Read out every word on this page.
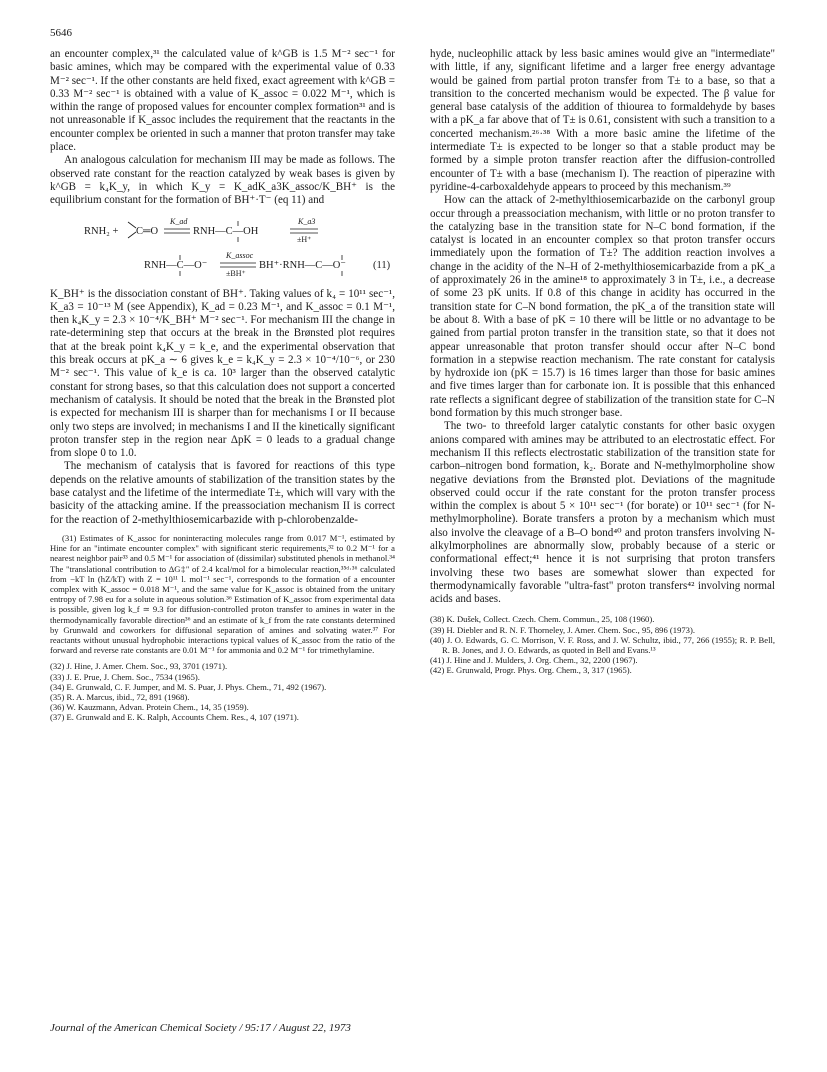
5646

an encounter complex,³¹ the calculated value of k^GB is 1.5 M⁻² sec⁻¹ for basic amines, which may be compared with the experimental value of 0.33 M⁻² sec⁻¹. If the other constants are held fixed, exact agreement with k^GB = 0.33 M⁻² sec⁻¹ is obtained with a value of K_assoc = 0.022 M⁻¹, which is within the range of proposed values for encounter complex formation³¹ and is not unreasonable if K_assoc includes the requirement that the reactants in the encounter complex be oriented in such a manner that proton transfer may take place.

An analogous calculation for mechanism III may be made as follows. The observed rate constant for the reaction catalyzed by weak bases is given by k^GB = k₄K_y, in which K_y = K_adK_a3K_assoc/K_BH⁺ is the equilibrium constant for the formation of BH⁺·T⁻ (eq 11) and

RNH₂ + C═O
K_ad
RNH—C—OH
K_a3
±H⁺
RNH—C—O⁻
K_assoc
±BH⁺
BH⁺·RNH—C—O⁻	(11)

K_BH⁺ is the dissociation constant of BH⁺. Taking values of k₄ = 10¹¹ sec⁻¹, K_a3 = 10⁻¹³ M (see Appendix), K_ad = 0.23 M⁻¹, and K_assoc = 0.1 M⁻¹, then k₄K_y = 2.3 × 10⁻⁴/K_BH⁺ M⁻² sec⁻¹. For mechanism III the change in rate-determining step that occurs at the break in the Brønsted plot requires that at the break point k₄K_y = k_e, and the experimental observation that this break occurs at pK_a ∼ 6 gives k_e = k₄K_y = 2.3 × 10⁻⁴/10⁻⁶, or 230 M⁻² sec⁻¹. This value of k_e is ca. 10³ larger than the observed catalytic constant for strong bases, so that this calculation does not support a concerted mechanism of catalysis. It should be noted that the break in the Brønsted plot is expected for mechanism III is sharper than for mechanisms I or II because only two steps are involved; in mechanisms I and II the kinetically significant proton transfer step in the region near ΔpK = 0 leads to a gradual change from slope 0 to 1.0.

The mechanism of catalysis that is favored for reactions of this type depends on the relative amounts of stabilization of the transition states by the base catalyst and the lifetime of the intermediate T±, which will vary with the basicity of the attacking amine. If the preassociation mechanism II is correct for the reaction of 2-methylthiosemicarbazide with p-chlorobenzalde-

(31) Estimates of K_assoc for noninteracting molecules range from 0.017 M⁻¹, estimated by Hine for an "intimate encounter complex" with significant steric requirements,³² to 0.2 M⁻¹ for a nearest neighbor pair³³ and 0.5 M⁻¹ for association of (dissimilar) substituted phenols in methanol.³⁴ The "translational contribution to ΔG‡" of 2.4 kcal/mol for a bimolecular reaction,³⁵ᵈ·³⁶ calculated from −kT ln (hZ/kT) with Z = 10¹¹ l. mol⁻¹ sec⁻¹, corresponds to the formation of a encounter complex with K_assoc = 0.018 M⁻¹, and the same value for K_assoc is obtained from the unitary entropy of 7.98 eu for a solute in aqueous solution.³⁶ Estimation of K_assoc from experimental data is possible, given log k_f ≃ 9.3 for diffusion-controlled proton transfer to amines in water in the thermodynamically favorable direction³⁶ and an estimate of k_f from the rate constants determined by Grunwald and coworkers for diffusional separation of amines and solvating water.³⁷ For reactants without unusual hydrophobic interactions typical values of K_assoc from the ratio of the forward and reverse rate constants are 0.01 M⁻¹ for ammonia and 0.2 M⁻¹ for trimethylamine.

(32) J. Hine, J. Amer. Chem. Soc., 93, 3701 (1971).
(33) J. E. Prue, J. Chem. Soc., 7534 (1965).
(34) E. Grunwald, C. F. Jumper, and M. S. Puar, J. Phys. Chem., 71, 492 (1967).
(35) R. A. Marcus, ibid., 72, 891 (1968).
(36) W. Kauzmann, Advan. Protein Chem., 14, 35 (1959).
(37) E. Grunwald and E. K. Ralph, Accounts Chem. Res., 4, 107 (1971).

hyde, nucleophilic attack by less basic amines would give an "intermediate" with little, if any, significant lifetime and a larger free energy advantage would be gained from partial proton transfer from T± to a base, so that a transition to the concerted mechanism would be expected. The β value for general base catalysis of the addition of thiourea to formaldehyde by bases with a pK_a far above that of T± is 0.61, consistent with such a transition to a concerted mechanism.²⁶·³⁸ With a more basic amine the lifetime of the intermediate T± is expected to be longer so that a stable product may be formed by a simple proton transfer reaction after the diffusion-controlled encounter of T± with a base (mechanism I). The reaction of piperazine with pyridine-4-carboxaldehyde appears to proceed by this mechanism.³⁹

How can the attack of 2-methylthiosemicarbazide on the carbonyl group occur through a preassociation mechanism, with little or no proton transfer to the catalyzing base in the transition state for N–C bond formation, if the catalyst is located in an encounter complex so that proton transfer occurs immediately upon the formation of T±? The addition reaction involves a change in the acidity of the N–H of 2-methylthiosemicarbazide from a pK_a of approximately 26 in the amine¹⁸ to approximately 3 in T±, i.e., a decrease of some 23 pK units. If 0.8 of this change in acidity has occurred in the transition state for C–N bond formation, the pK_a of the transition state will be about 8. With a base of pK = 10 there will be little or no advantage to be gained from partial proton transfer in the transition state, so that it does not appear unreasonable that proton transfer should occur after N–C bond formation in a stepwise reaction mechanism. The rate constant for catalysis by hydroxide ion (pK = 15.7) is 16 times larger than those for basic amines and five times larger than for carbonate ion. It is possible that this enhanced rate reflects a significant degree of stabilization of the transition state for C–N bond formation by this much stronger base.

The two- to threefold larger catalytic constants for other basic oxygen anions compared with amines may be attributed to an electrostatic effect. For mechanism II this reflects electrostatic stabilization of the transition state for carbon–nitrogen bond formation, k₂. Borate and N-methylmorpholine show negative deviations from the Brønsted plot. Deviations of the magnitude observed could occur if the rate constant for the proton transfer process within the complex is about 5 × 10¹¹ sec⁻¹ (for borate) or 10¹¹ sec⁻¹ (for N-methylmorpholine). Borate transfers a proton by a mechanism which must also involve the cleavage of a B–O bond⁴⁰ and proton transfers involving N-alkylmorpholines are abnormally slow, probably because of a steric or conformational effect;⁴¹ hence it is not surprising that proton transfers involving these two bases are somewhat slower than expected for thermodynamically favorable "ultra-fast" proton transfers⁴² involving normal acids and bases.

(38) K. Dušek, Collect. Czech. Chem. Commun., 25, 108 (1960).
(39) H. Diebler and R. N. F. Thorneley, J. Amer. Chem. Soc., 95, 896 (1973).
(40) J. O. Edwards, G. C. Morrison, V. F. Ross, and J. W. Schultz, ibid., 77, 266 (1955); R. P. Bell, R. B. Jones, and J. O. Edwards, as quoted in Bell and Evans.¹³
(41) J. Hine and J. Mulders, J. Org. Chem., 32, 2200 (1967).
(42) E. Grunwald, Progr. Phys. Org. Chem., 3, 317 (1965).
Journal of the American Chemical Society / 95:17 / August 22, 1973
